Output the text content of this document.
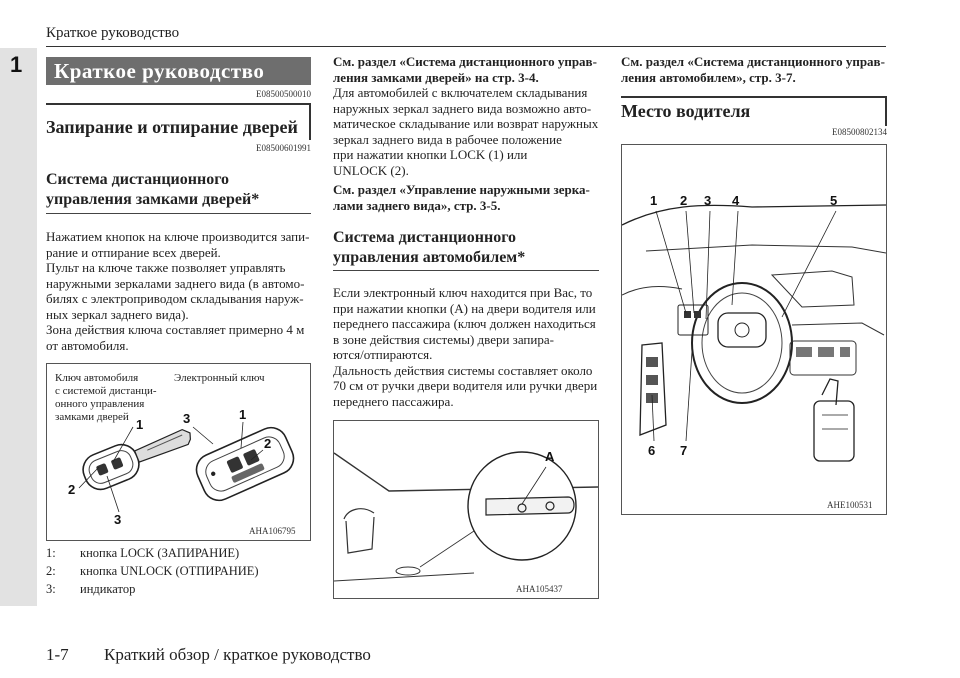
Краткое руководство
1
1-7 Краткий обзор / краткое руководство
Краткое руководство
E08500500010
Запирание и отпирание дверей
E08500601991
Система дистанционного
управления замками дверей*
Нажатием кнопок на ключе производится запи-
рание и отпирание всех дверей.
Пульт на ключе также позволяет управлять
наружными зеркалами заднего вида (в автомо-
билях с электроприводом складывания наруж-
ных зеркал заднего вида).
Зона действия ключа составляет примерно 4 м
от автомобиля.
Ключ автомобиля
с системой дистанци-
онного управления
замками дверей
Электронный ключ
1
2
3
3	1
2
AHA106795
1: кнопка LOCK (ЗАПИРАНИЕ)
2: кнопка UNLOCK (ОТПИРАНИЕ)
3: индикатор
См. раздел «Система дистанционного управ-
ления замками дверей» на стр. 3-4.
Для автомобилей с включателем складывания
наружных зеркал заднего вида возможно авто-
матическое складывание или возврат наружных
зеркал заднего вида в рабочее положение
при нажатии кнопки LOCK (1) или
UNLOCK (2).
См. раздел «Управление наружными зерка-
лами заднего вида», стр. 3-5.
Система дистанционного
управления автомобилем*
Если электронный ключ находится при Вас, то
при нажатии кнопки (A) на двери водителя или
переднего пассажира (ключ должен находиться
в зоне действия системы) двери запира-
ются/отпираются.
Дальность действия системы составляет около
70 см от ручки двери водителя или ручки двери
переднего пассажира.
A
AHA105437
См. раздел «Система дистанционного управ-
ления автомобилем», стр. 3-7.
Место водителя
E08500802134
1 2 3 4	5
6 7
AHE100531
